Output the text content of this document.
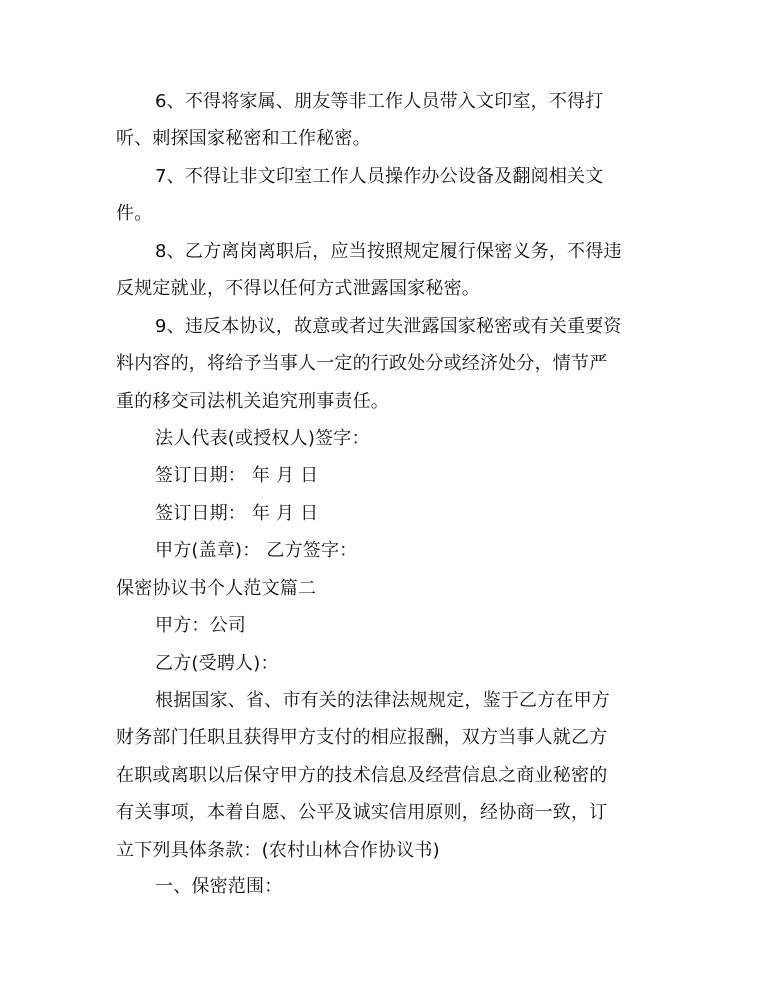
6、不得将家属、朋友等非工作人员带入文印室，不得打
听、刺探国家秘密和工作秘密。
7、不得让非文印室工作人员操作办公设备及翻阅相关文
件。
8、乙方离岗离职后，应当按照规定履行保密义务，不得违
反规定就业，不得以任何方式泄露国家秘密。
9、违反本协议，故意或者过失泄露国家秘密或有关重要资
料内容的，将给予当事人一定的行政处分或经济处分，情节严
重的移交司法机关追究刑事责任。
法人代表(或授权人)签字：
签订日期： 年 月 日
签订日期： 年 月 日
甲方(盖章)： 乙方签字：
保密协议书个人范文篇二
甲方：公司
乙方(受聘人)：
根据国家、省、市有关的法律法规规定，鉴于乙方在甲方
财务部门任职且获得甲方支付的相应报酬，双方当事人就乙方
在职或离职以后保守甲方的技术信息及经营信息之商业秘密的
有关事项，本着自愿、公平及诚实信用原则，经协商一致，订
立下列具体条款：(农村山林合作协议书)
一、保密范围：
